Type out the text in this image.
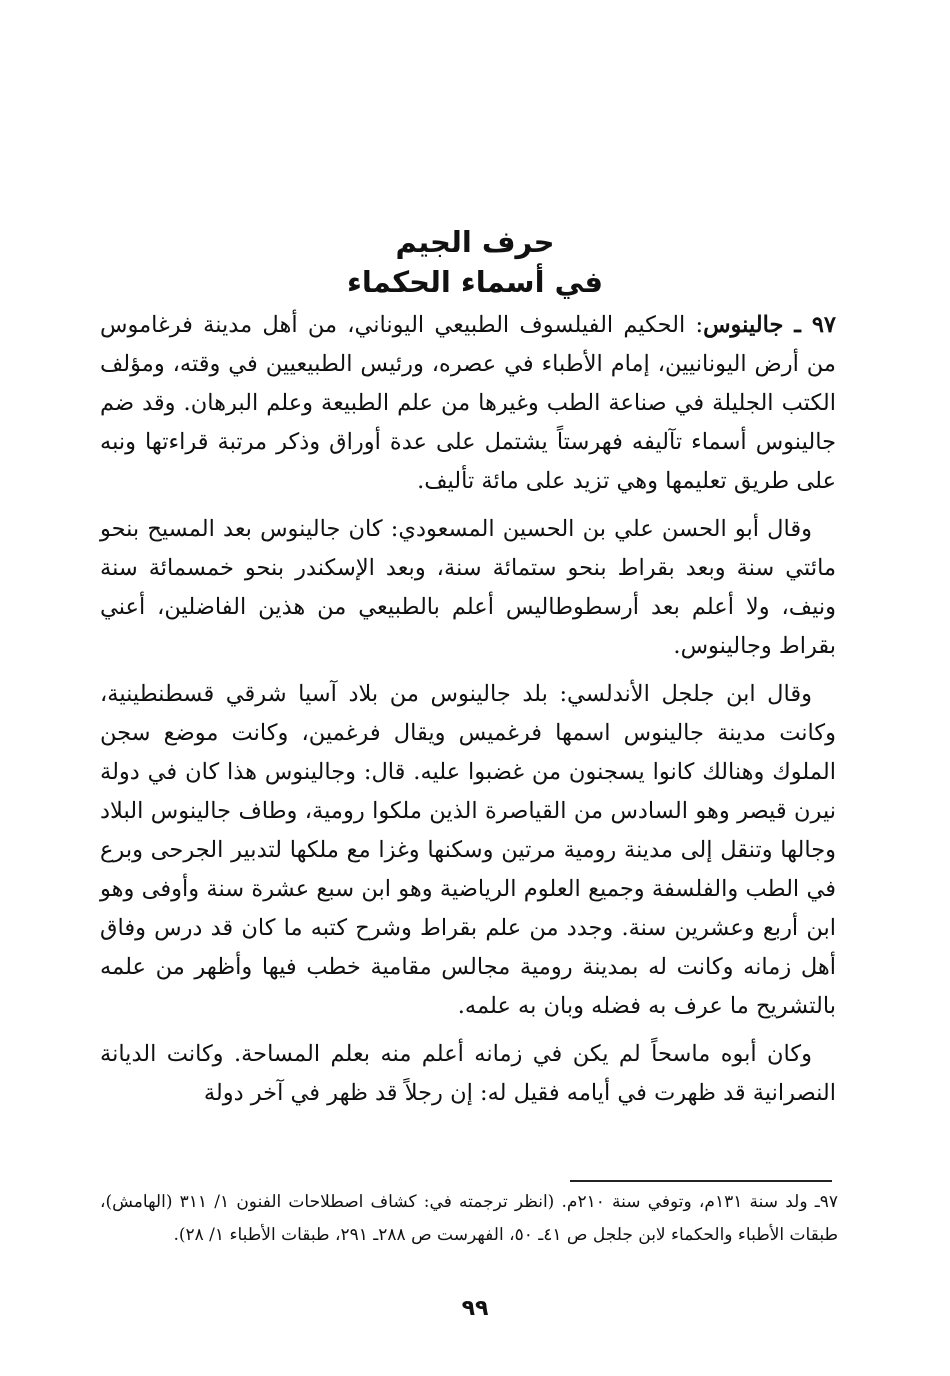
حرف الجيم
في أسماء الحكماء

٩٧ ـ جالينوس: الحكيم الفيلسوف الطبيعي اليوناني، من أهل مدينة فرغاموس من أرض اليونانيين، إمام الأطباء في عصره، ورئيس الطبيعيين في وقته، ومؤلف الكتب الجليلة في صناعة الطب وغيرها من علم الطبيعة وعلم البرهان. وقد ضم جالينوس أسماء تآليفه فهرستاً يشتمل على عدة أوراق وذكر مرتبة قراءتها ونبه على طريق تعليمها وهي تزيد على مائة تأليف.

وقال أبو الحسن علي بن الحسين المسعودي: كان جالينوس بعد المسيح بنحو مائتي سنة وبعد بقراط بنحو ستمائة سنة، وبعد الإسكندر بنحو خمسمائة سنة ونيف، ولا أعلم بعد أرسطوطاليس أعلم بالطبيعي من هذين الفاضلين، أعني بقراط وجالينوس.

وقال ابن جلجل الأندلسي: بلد جالينوس من بلاد آسيا شرقي قسطنطينية، وكانت مدينة جالينوس اسمها فرغميس ويقال فرغمين، وكانت موضع سجن الملوك وهنالك كانوا يسجنون من غضبوا عليه. قال: وجالينوس هذا كان في دولة نيرن قيصر وهو السادس من القياصرة الذين ملكوا رومية، وطاف جالينوس البلاد وجالها وتنقل إلى مدينة رومية مرتين وسكنها وغزا مع ملكها لتدبير الجرحى وبرع في الطب والفلسفة وجميع العلوم الرياضية وهو ابن سبع عشرة سنة وأوفى وهو ابن أربع وعشرين سنة. وجدد من علم بقراط وشرح كتبه ما كان قد درس وفاق أهل زمانه وكانت له بمدينة رومية مجالس مقامية خطب فيها وأظهر من علمه بالتشريح ما عرف به فضله وبان به علمه.

وكان أبوه ماسحاً لم يكن في زمانه أعلم منه بعلم المساحة. وكانت الديانة النصرانية قد ظهرت في أيامه فقيل له: إن رجلاً قد ظهر في آخر دولة

٩٧ـ ولد سنة ١٣١م، وتوفي سنة ٢١٠م. (انظر ترجمته في: كشاف اصطلاحات الفنون ١/ ٣١١ (الهامش)، طبقات الأطباء والحكماء لابن جلجل ص ٤١ـ ٥٠، الفهرست ص ٢٨٨ـ ٢٩١، طبقات الأطباء ١/ ٢٨).

٩٩
